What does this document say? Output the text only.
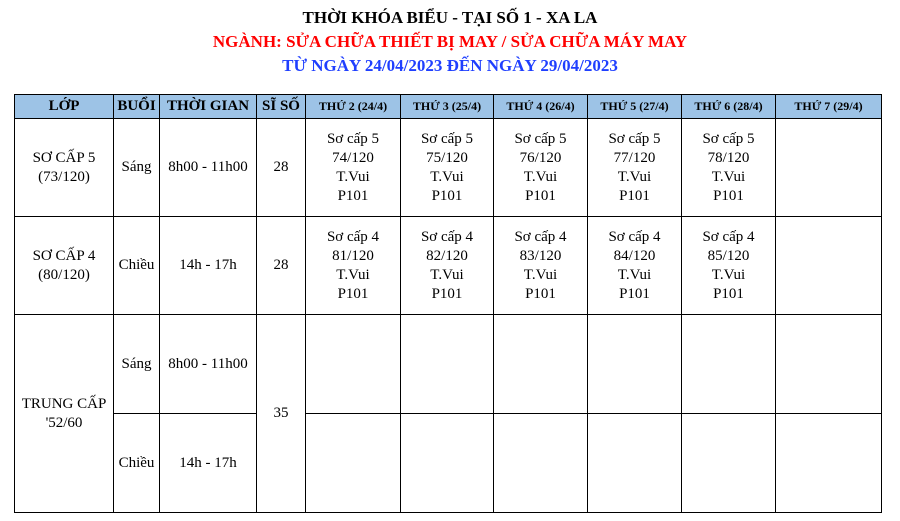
THỜI KHÓA BIỂU - TẠI SỐ 1 - XA LA
NGÀNH: SỬA CHỮA THIẾT BỊ MAY / SỬA CHỮA MÁY MAY
TỪ NGÀY 24/04/2023 ĐẾN NGÀY 29/04/2023
LỚP	BUỔI	THỜI GIAN	SĨ SỐ	THỨ 2 (24/4)	THỨ 3 (25/4)	THỨ 4 (26/4)	THỨ 5 (27/4)	THỨ 6 (28/4)	THỨ 7 (29/4)

SƠ CẤP 5
(73/120)	Sáng	8h00 - 11h00	28	Sơ cấp 5
74/120
T.Vui
P101	Sơ cấp 5
75/120
T.Vui
P101	Sơ cấp 5
76/120
T.Vui
P101	Sơ cấp 5
77/120
T.Vui
P101	Sơ cấp 5
78/120
T.Vui
P101	

SƠ CẤP 4
(80/120)	Chiều	14h - 17h	28	Sơ cấp 4
81/120
T.Vui
P101	Sơ cấp 4
82/120
T.Vui
P101	Sơ cấp 4
83/120
T.Vui
P101	Sơ cấp 4
84/120
T.Vui
P101	Sơ cấp 4
85/120
T.Vui
P101	

TRUNG CẤP
'52/60	Sáng	8h00 - 11h00	35						
	Chiều	14h - 17h							
